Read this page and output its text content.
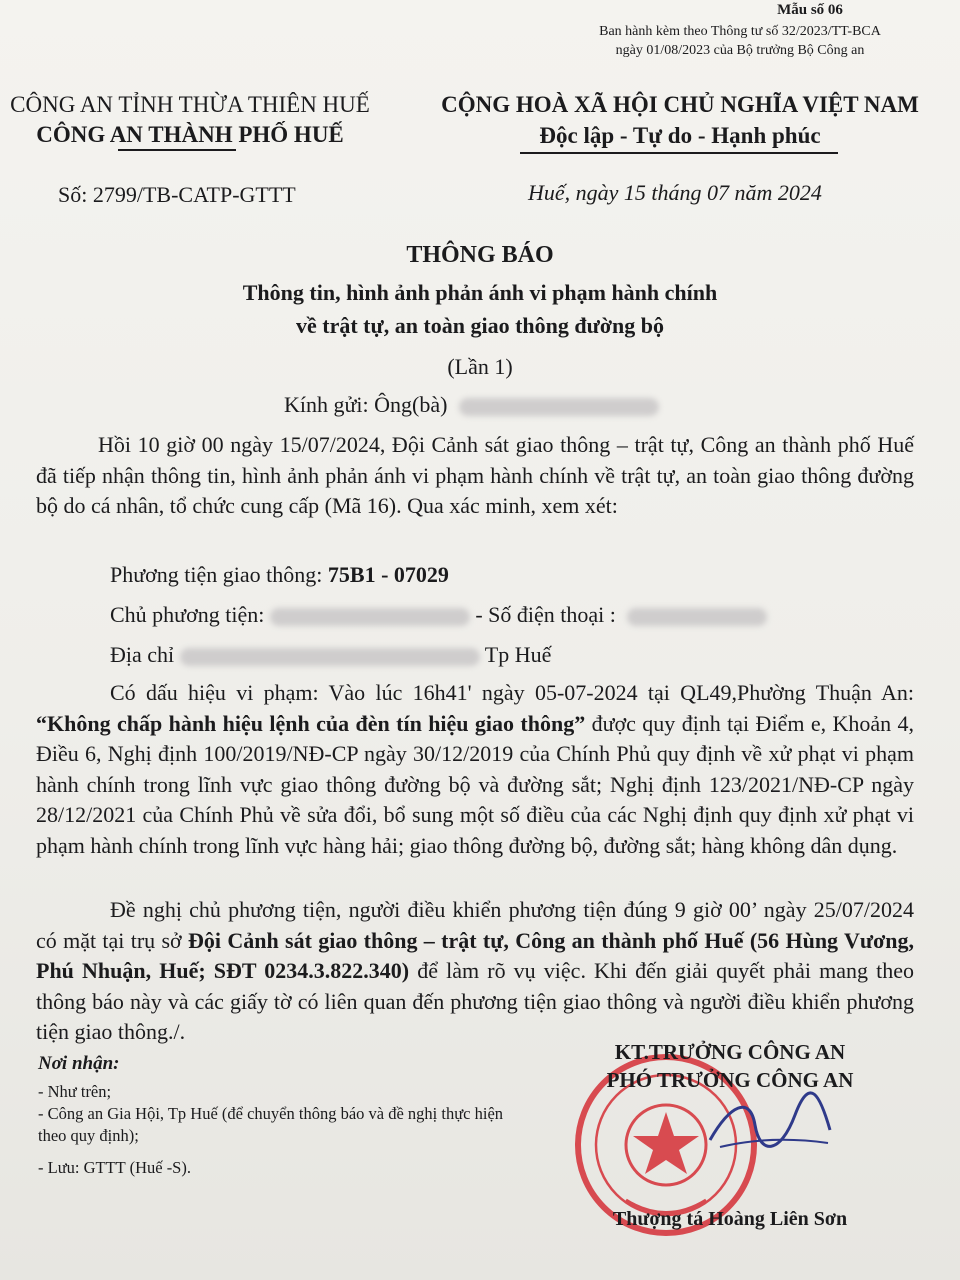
Mẫu số 06
Ban hành kèm theo Thông tư số 32/2023/TT-BCA
ngày 01/08/2023 của Bộ trưởng Bộ Công an
CÔNG AN TỈNH THỪA THIÊN HUẾ
CÔNG AN THÀNH PHỐ HUẾ
CỘNG HOÀ XÃ HỘI CHỦ NGHĨA VIỆT NAM
Độc lập - Tự do - Hạnh phúc
Số: 2799/TB-CATP-GTTT	Huế, ngày 15 tháng 07 năm 2024
THÔNG BÁO
Thông tin, hình ảnh phản ánh vi phạm hành chính
về trật tự, an toàn giao thông đường bộ
(Lần 1)
Kính gửi: Ông(bà)
Hồi 10 giờ 00 ngày 15/07/2024, Đội Cảnh sát giao thông – trật tự, Công an thành phố Huế đã tiếp nhận thông tin, hình ảnh phản ánh vi phạm hành chính về trật tự, an toàn giao thông đường bộ do cá nhân, tổ chức cung cấp (Mã 16). Qua xác minh, xem xét:
Phương tiện giao thông: 75B1 - 07029
Chủ phương tiện:	- Số điện thoại :
Địa chỉ	Tp Huế
Có dấu hiệu vi phạm: Vào lúc 16h41' ngày 05-07-2024 tại QL49,Phường Thuận An: “Không chấp hành hiệu lệnh của đèn tín hiệu giao thông” được quy định tại Điểm e, Khoản 4, Điều 6, Nghị định 100/2019/NĐ-CP ngày 30/12/2019 của Chính Phủ quy định về xử phạt vi phạm hành chính trong lĩnh vực giao thông đường bộ và đường sắt; Nghị định 123/2021/NĐ-CP ngày 28/12/2021 của Chính Phủ về sửa đổi, bổ sung một số điều của các Nghị định quy định xử phạt vi phạm hành chính trong lĩnh vực hàng hải; giao thông đường bộ, đường sắt; hàng không dân dụng.
Đề nghị chủ phương tiện, người điều khiển phương tiện đúng 9 giờ 00’ ngày 25/07/2024 có mặt tại trụ sở Đội Cảnh sát giao thông – trật tự, Công an thành phố Huế (56 Hùng Vương, Phú Nhuận, Huế; SĐT 0234.3.822.340) để làm rõ vụ việc. Khi đến giải quyết phải mang theo thông báo này và các giấy tờ có liên quan đến phương tiện giao thông và người điều khiển phương tiện giao thông./.
Nơi nhận:
- Như trên;
- Công an Gia Hội, Tp Huế (để chuyển thông báo và đề nghị thực hiện theo quy định);
- Lưu: GTTT (Huế -S).
KT.TRƯỞNG CÔNG AN
PHÓ TRƯỞNG CÔNG AN
Thượng tá Hoàng Liên Sơn
